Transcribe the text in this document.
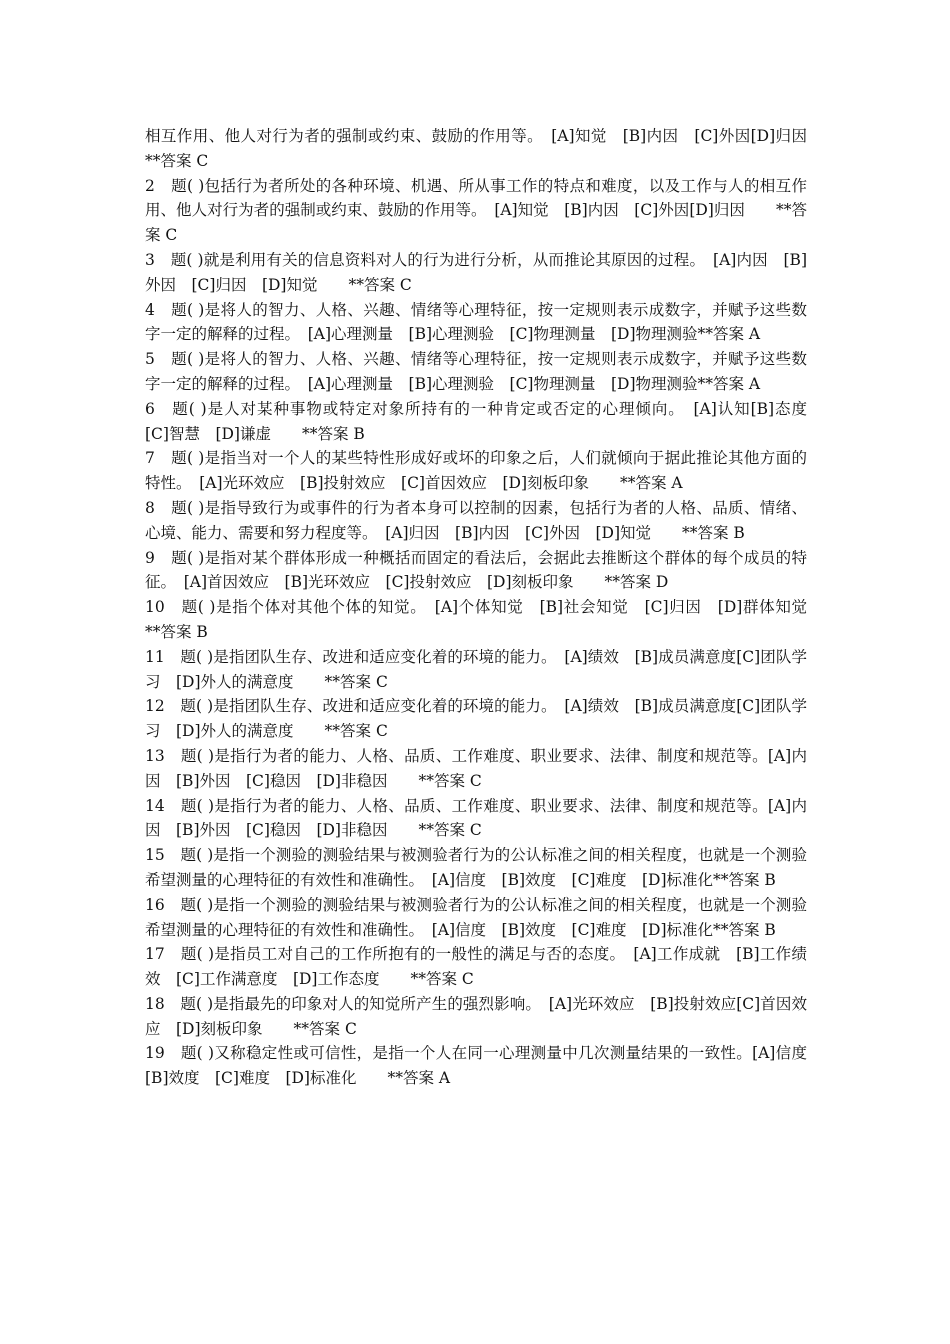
相互作用、他人对行为者的强制或约束、鼓励的作用等。　[A]知觉　[B]内因　[C]外因[D]归因　　**答案 C

2　题( )包括行为者所处的各种环境、机遇、所从事工作的特点和难度，以及工作与人的相互作用、他人对行为者的强制或约束、鼓励的作用等。　[A]知觉　[B]内因　[C]外因[D]归因　　**答案 C

3　题( )就是利用有关的信息资料对人的行为进行分析，从而推论其原因的过程。　[A]内因　[B]外因　[C]归因　[D]知觉　　**答案 C

4　题( )是将人的智力、人格、兴趣、情绪等心理特征，按一定规则表示成数字，并赋予这些数字一定的解释的过程。　[A]心理测量　[B]心理测验　[C]物理测量　[D]物理测验**答案 A

5　题( )是将人的智力、人格、兴趣、情绪等心理特征，按一定规则表示成数字，并赋予这些数字一定的解释的过程。　[A]心理测量　[B]心理测验　[C]物理测量　[D]物理测验**答案 A

6　题( )是人对某种事物或特定对象所持有的一种肯定或否定的心理倾向。　[A]认知[B]态度　[C]智慧　[D]谦虚　　**答案 B

7　题( )是指当对一个人的某些特性形成好或坏的印象之后，人们就倾向于据此推论其他方面的特性。　[A]光环效应　[B]投射效应　[C]首因效应　[D]刻板印象　　**答案 A

8　题( )是指导致行为或事件的行为者本身可以控制的因素，包括行为者的人格、品质、情绪、心境、能力、需要和努力程度等。　[A]归因　[B]内因　[C]外因　[D]知觉　　**答案 B

9　题( )是指对某个群体形成一种概括而固定的看法后，会据此去推断这个群体的每个成员的特征。　[A]首因效应　[B]光环效应　[C]投射效应　[D]刻板印象　　**答案 D

10　题( )是指个体对其他个体的知觉。　[A]个体知觉　[B]社会知觉　[C]归因　[D]群体知觉　　**答案 B

11　题( )是指团队生存、改进和适应变化着的环境的能力。　[A]绩效　[B]成员满意度[C]团队学习　[D]外人的满意度　　**答案 C

12　题( )是指团队生存、改进和适应变化着的环境的能力。　[A]绩效　[B]成员满意度[C]团队学习　[D]外人的满意度　　**答案 C

13　题( )是指行为者的能力、人格、品质、工作难度、职业要求、法律、制度和规范等。[A]内因　[B]外因　[C]稳因　[D]非稳因　　**答案 C

14　题( )是指行为者的能力、人格、品质、工作难度、职业要求、法律、制度和规范等。[A]内因　[B]外因　[C]稳因　[D]非稳因　　**答案 C

15　题( )是指一个测验的测验结果与被测验者行为的公认标准之间的相关程度，也就是一个测验希望测量的心理特征的有效性和准确性。　[A]信度　[B]效度　[C]难度　[D]标准化**答案 B

16　题( )是指一个测验的测验结果与被测验者行为的公认标准之间的相关程度，也就是一个测验希望测量的心理特征的有效性和准确性。　[A]信度　[B]效度　[C]难度　[D]标准化**答案 B

17　题( )是指员工对自己的工作所抱有的一般性的满足与否的态度。　[A]工作成就　[B]工作绩效　[C]工作满意度　[D]工作态度　　**答案 C

18　题( )是指最先的印象对人的知觉所产生的强烈影响。　[A]光环效应　[B]投射效应[C]首因效应　[D]刻板印象　　**答案 C

19　题( )又称稳定性或可信性，是指一个人在同一心理测量中几次测量结果的一致性。[A]信度　[B]效度　[C]难度　[D]标准化　　**答案 A
